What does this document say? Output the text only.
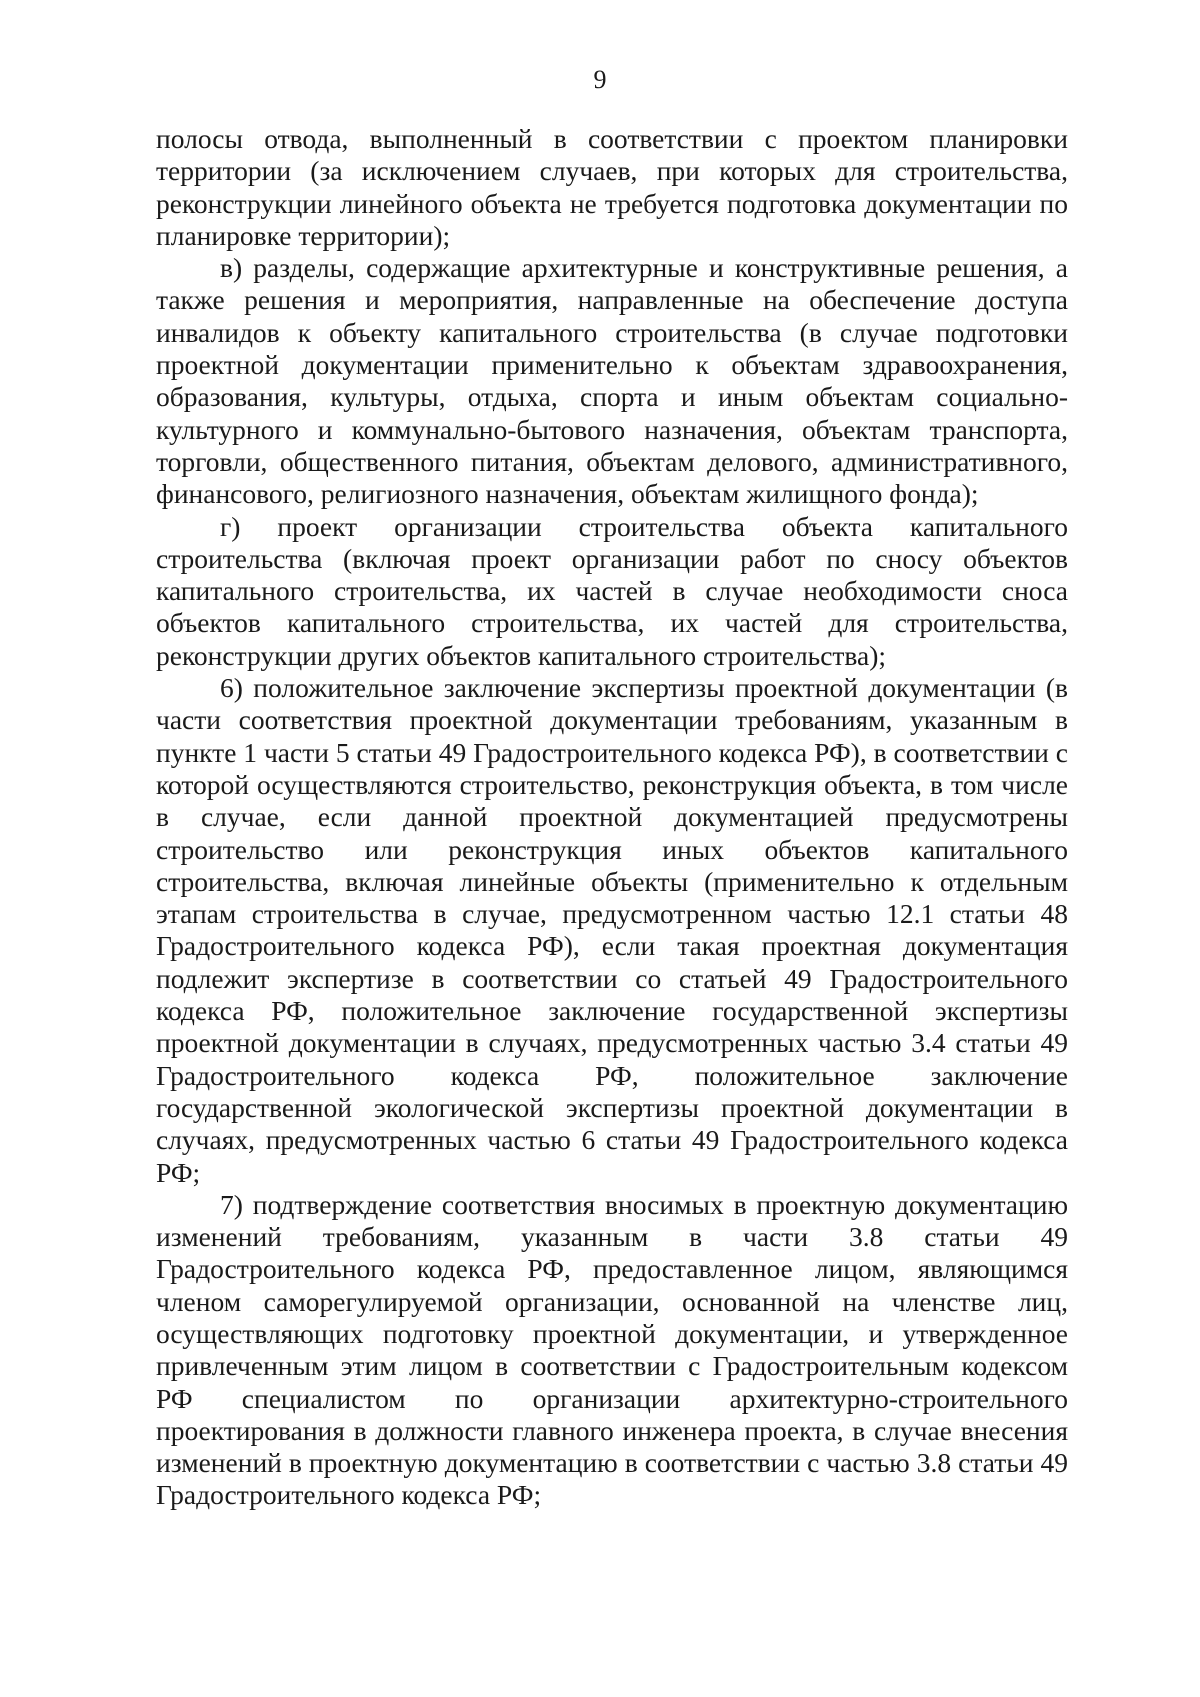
9

полосы отвода, выполненный в соответствии с проектом планировки территории (за исключением случаев, при которых для строительства, реконструкции линейного объекта не требуется подготовка документации по планировке территории);

в) разделы, содержащие архитектурные и конструктивные решения, а также решения и мероприятия, направленные на обеспечение доступа инвалидов к объекту капитального строительства (в случае подготовки проектной документации применительно к объектам здравоохранения, образования, культуры, отдыха, спорта и иным объектам социально-культурного и коммунально-бытового назначения, объектам транспорта, торговли, общественного питания, объектам делового, административного, финансового, религиозного назначения, объектам жилищного фонда);

г) проект организации строительства объекта капитального строительства (включая проект организации работ по сносу объектов капитального строительства, их частей в случае необходимости сноса объектов капитального строительства, их частей для строительства, реконструкции других объектов капитального строительства);

6) положительное заключение экспертизы проектной документации (в части соответствия проектной документации требованиям, указанным в пункте 1 части 5 статьи 49 Градостроительного кодекса РФ), в соответствии с которой осуществляются строительство, реконструкция объекта, в том числе в случае, если данной проектной документацией предусмотрены строительство или реконструкция иных объектов капитального строительства, включая линейные объекты (применительно к отдельным этапам строительства в случае, предусмотренном частью 12.1 статьи 48 Градостроительного кодекса РФ), если такая проектная документация подлежит экспертизе в соответствии со статьей 49 Градостроительного кодекса РФ, положительное заключение государственной экспертизы проектной документации в случаях, предусмотренных частью 3.4 статьи 49 Градостроительного кодекса РФ, положительное заключение государственной экологической экспертизы проектной документации в случаях, предусмотренных частью 6 статьи 49 Градостроительного кодекса РФ;

7) подтверждение соответствия вносимых в проектную документацию изменений требованиям, указанным в части 3.8 статьи 49 Градостроительного кодекса РФ, предоставленное лицом, являющимся членом саморегулируемой организации, основанной на членстве лиц, осуществляющих подготовку проектной документации, и утвержденное привлеченным этим лицом в соответствии с Градостроительным кодексом РФ специалистом по организации архитектурно-строительного проектирования в должности главного инженера проекта, в случае внесения изменений в проектную документацию в соответствии с частью 3.8 статьи 49 Градостроительного кодекса РФ;
